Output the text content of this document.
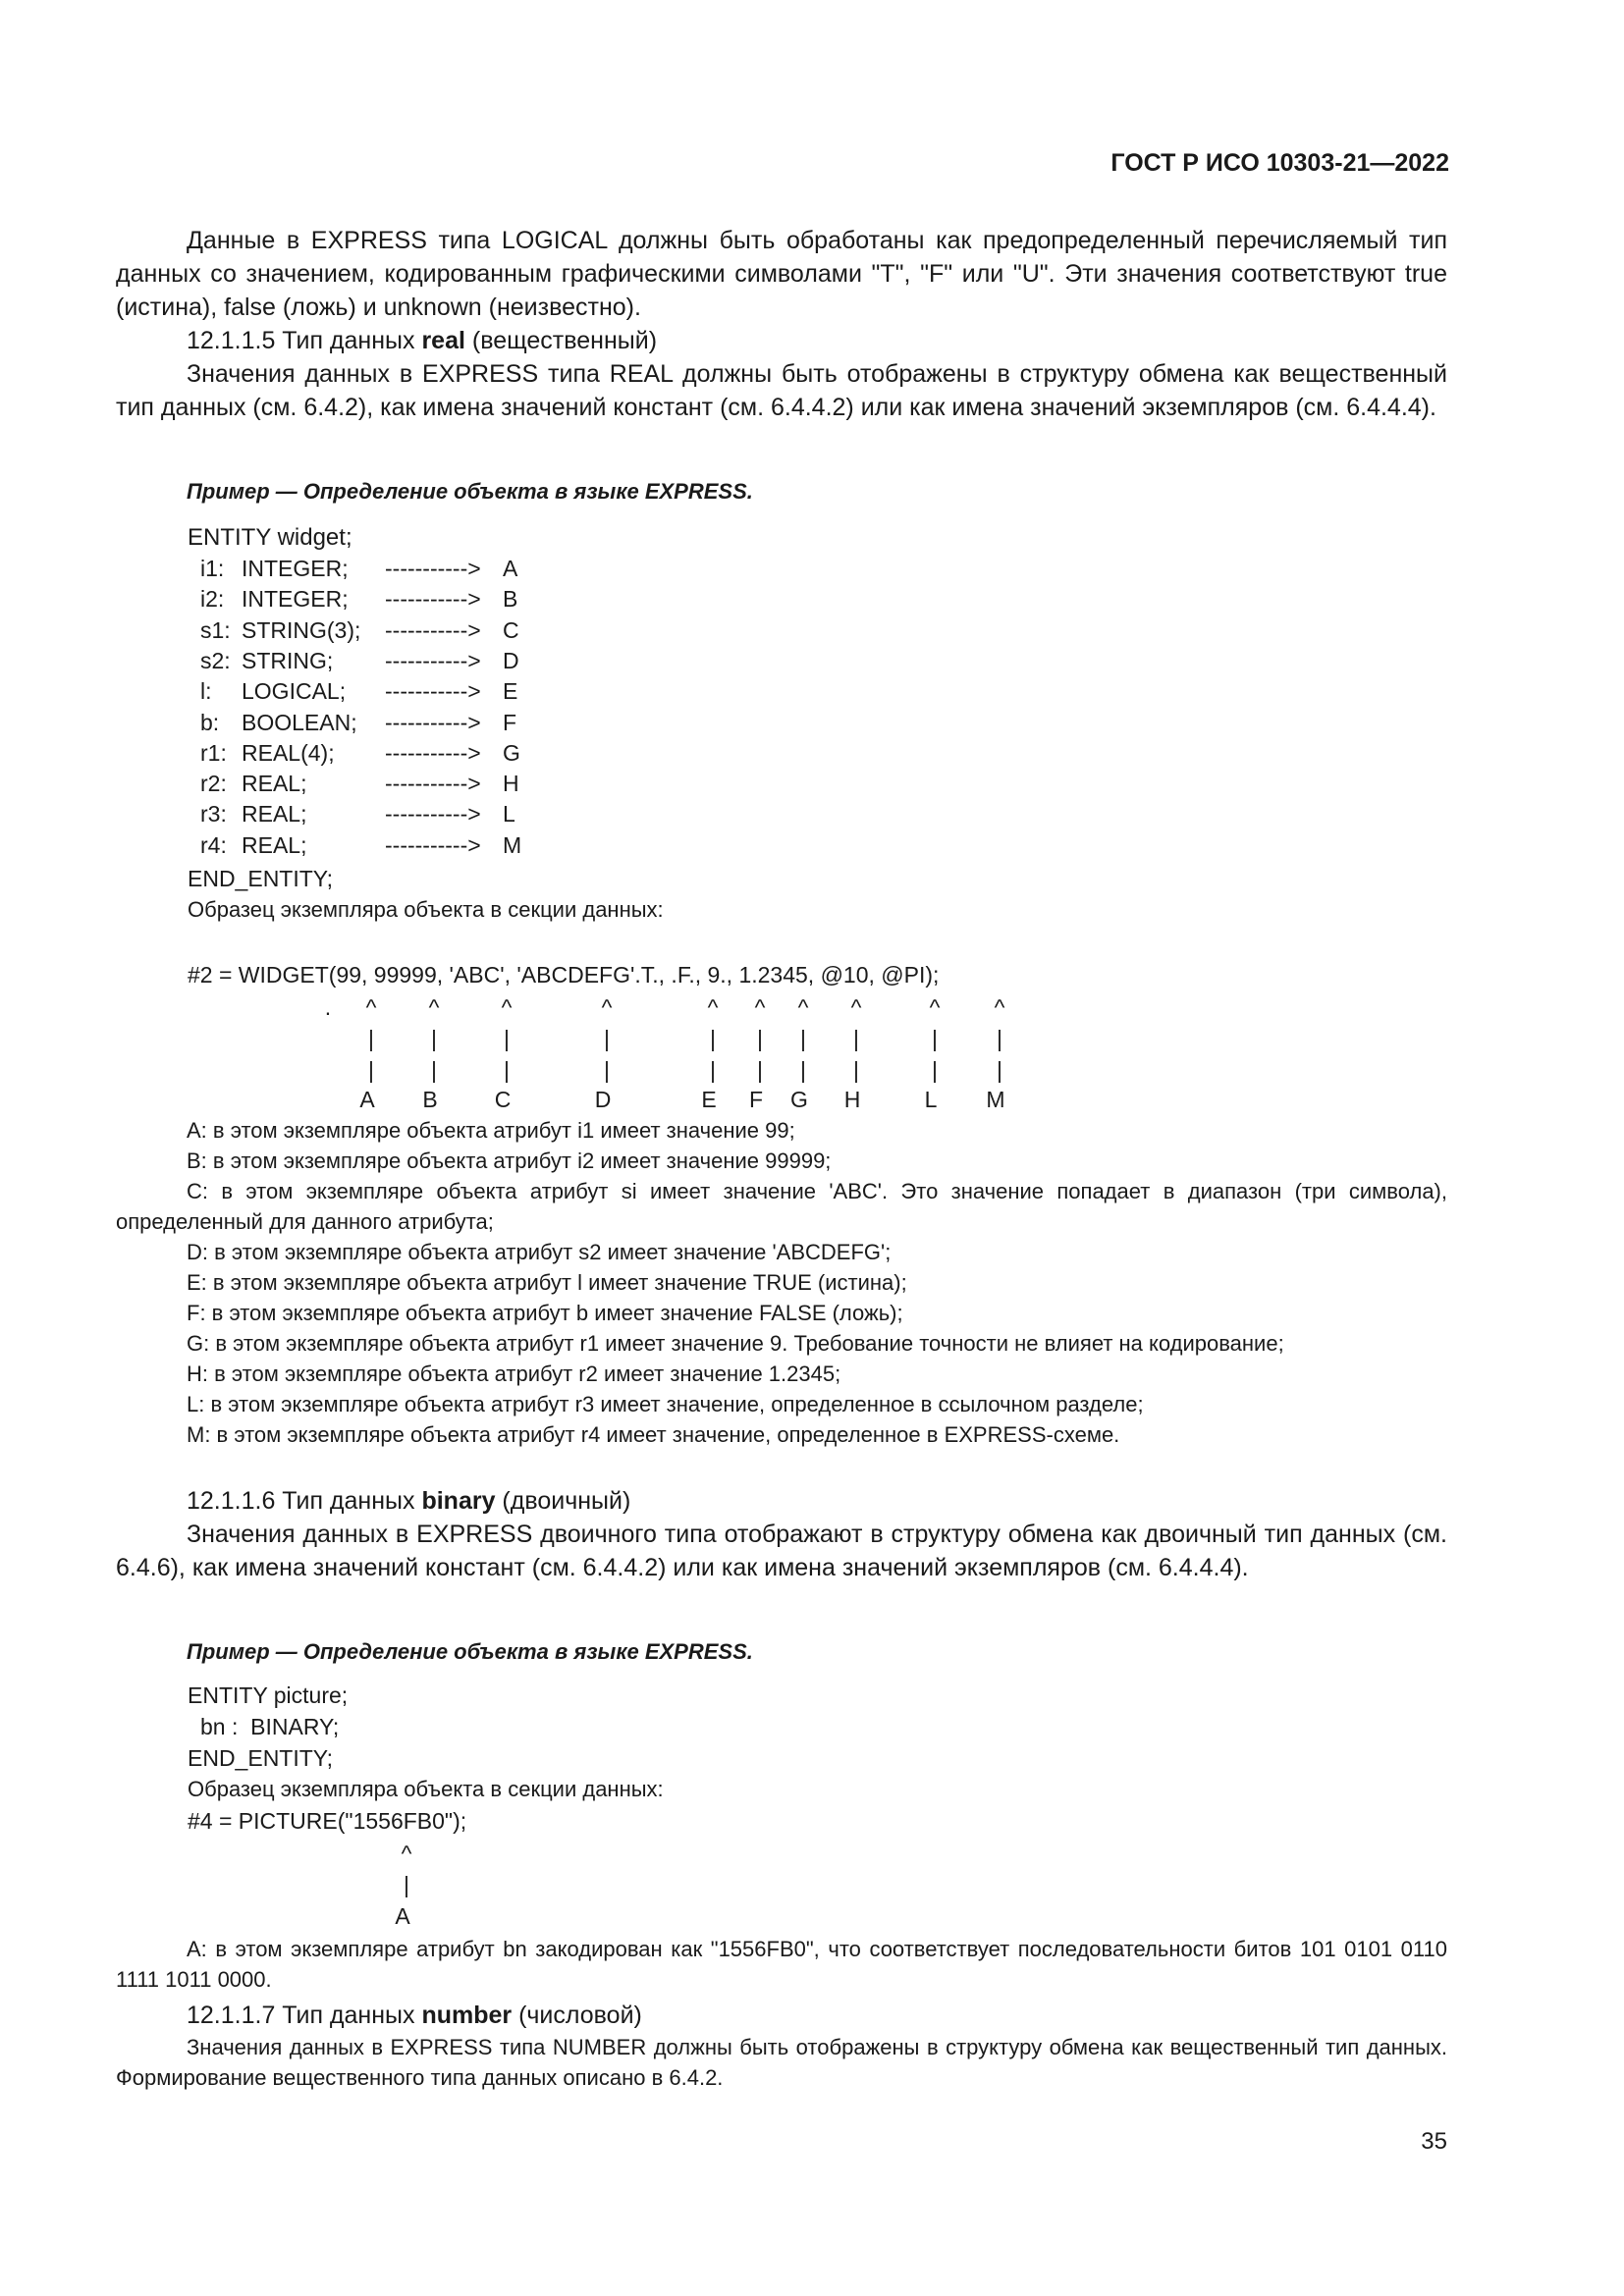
ГОСТ Р ИСО 10303-21—2022

Данные в EXPRESS типа LOGICAL должны быть обработаны как предопределенный перечисляемый тип данных со значением, кодированным графическими символами "T", "F" или "U". Эти значения соответствуют true (истина), false (ложь) и unknown (неизвестно).

12.1.1.5 Тип данных real (вещественный)

Значения данных в EXPRESS типа REAL должны быть отображены в структуру обмена как вещественный тип данных (см. 6.4.2), как имена значений констант (см. 6.4.4.2) или как имена значений экземпляров (см. 6.4.4.4).

Пример — Определение объекта в языке EXPRESS.
ENTITY widget;
i1: INTEGER; -----------> A
i2: INTEGER; -----------> B
s1: STRING(3); -----------> C
s2: STRING; -----------> D
l: LOGICAL; -----------> E
b: BOOLEAN; -----------> F
r1: REAL(4); -----------> G
r2: REAL;	-----------> H
r3: REAL;	-----------> L
r4: REAL;	-----------> M
END_ENTITY;
Образец экземпляра объекта в секции данных:
#2 = WIDGET(99, 99999, 'ABC', 'ABCDEFG'.T., .F., 9., 1.2345, @10, @PI);
. ^ ^	^	^	^ ^ ^ ^	^ ^
|	|	|	|	|	|	|	|	|	|
|	|	|	|	|	|	|	|	|	|
A B	C	D	E F G H	L M

A: в этом экземпляре объекта атрибут i1 имеет значение 99;

B: в этом экземпляре объекта атрибут i2 имеет значение 99999;

C: в этом экземпляре объекта атрибут si имеет значение 'ABC'. Это значение попадает в диапазон (три символа), определенный для данного атрибута;

D: в этом экземпляре объекта атрибут s2 имеет значение 'ABCDEFG';

E: в этом экземпляре объекта атрибут l имеет значение TRUE (истина);

F: в этом экземпляре объекта атрибут b имеет значение FALSE (ложь);

G: в этом экземпляре объекта атрибут r1 имеет значение 9. Требование точности не влияет на кодирование;

H: в этом экземпляре объекта атрибут r2 имеет значение 1.2345;

L: в этом экземпляре объекта атрибут r3 имеет значение, определенное в ссылочном разделе;

M: в этом экземпляре объекта атрибут r4 имеет значение, определенное в EXPRESS-схеме.

12.1.1.6 Тип данных binary (двоичный)

Значения данных в EXPRESS двоичного типа отображают в структуру обмена как двоичный тип данных (см. 6.4.6), как имена значений констант (см. 6.4.4.2) или как имена значений экземпляров (см. 6.4.4.4).

Пример — Определение объекта в языке EXPRESS.
ENTITY picture;
bn :  BINARY;
END_ENTITY;
Образец экземпляра объекта в секции данных:
#4 = PICTURE("1556FB0");
^
|
A

A: в этом экземпляре атрибут bn закодирован как "1556FB0", что соответствует последовательности битов 101 0101 0110 1111 1011 0000.

12.1.1.7 Тип данных number (числовой)

Значения данных в EXPRESS типа NUMBER должны быть отображены в структуру обмена как вещественный тип данных. Формирование вещественного типа данных описано в 6.4.2.

35
